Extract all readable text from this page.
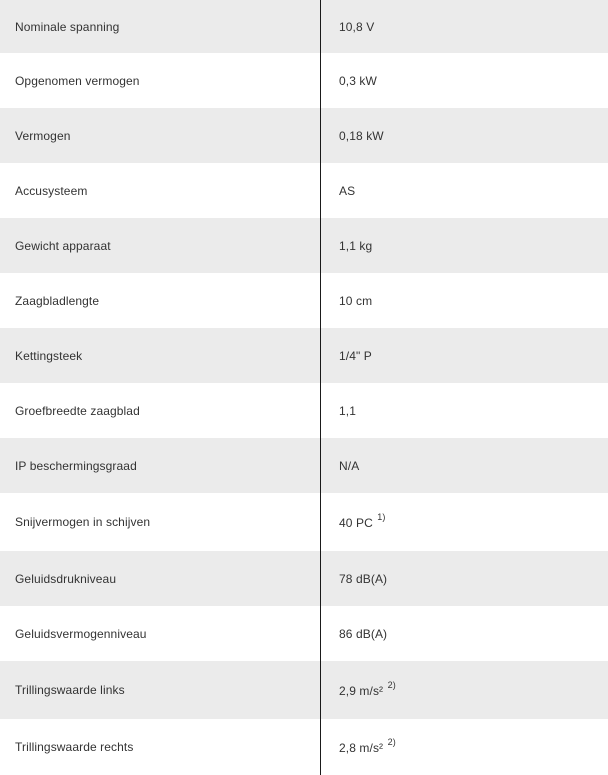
Nominale spanning	10,8 V
Opgenomen vermogen	0,3 kW
Vermogen	0,18 kW
Accusysteem	AS
Gewicht apparaat	1,1 kg
Zaagbladlengte	10 cm
Kettingsteek	1/4" P
Groefbreedte zaagblad	1,1
IP beschermingsgraad	N/A
Snijvermogen in schijven	40 PC $^{1)}$
Geluidsdrukniveau	78 dB(A)
Geluidsvermogenniveau	86 dB(A)
Trillingswaarde links	2,9 m/s² $^{2)}$
Trillingswaarde rechts	2,8 m/s² $^{2)}$
